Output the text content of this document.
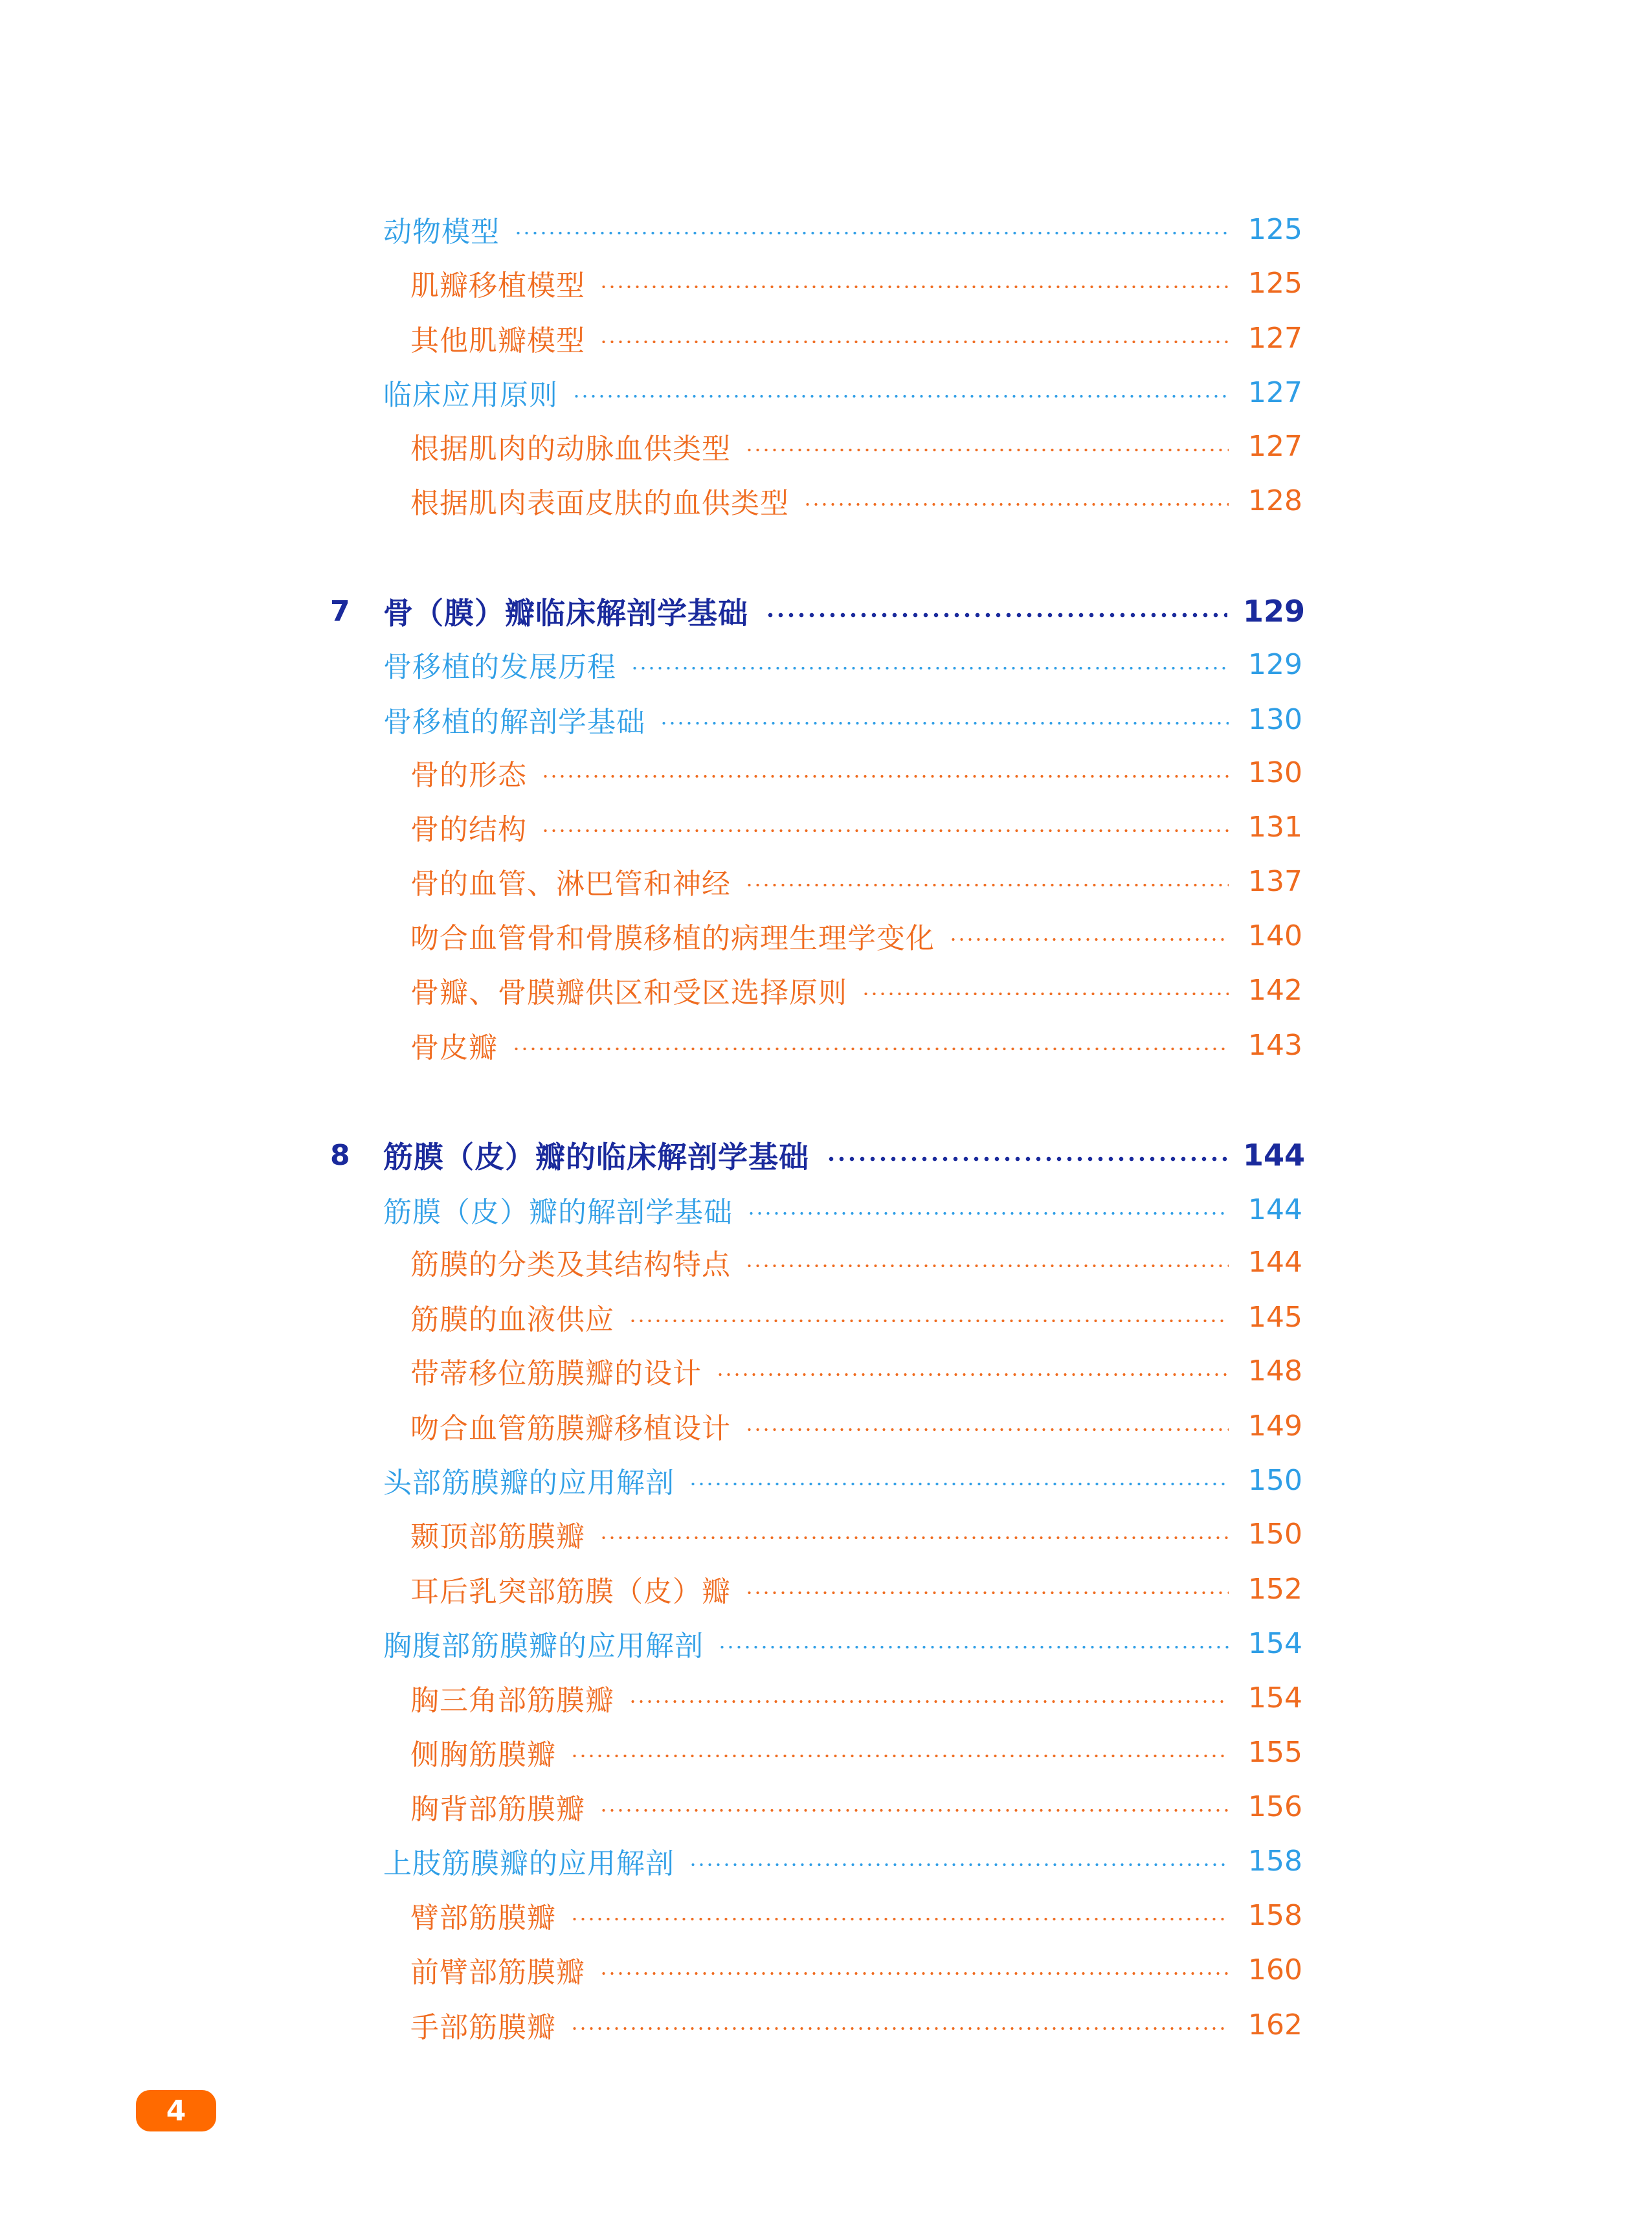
动物模型	125
肌瓣移植模型	125
其他肌瓣模型	127
临床应用原则	127
根据肌肉的动脉血供类型	127
根据肌肉表面皮肤的血供类型	128
7	骨（膜）瓣临床解剖学基础	129
骨移植的发展历程	129
骨移植的解剖学基础	130
骨的形态	130
骨的结构	131
骨的血管、淋巴管和神经	137
吻合血管骨和骨膜移植的病理生理学变化	140
骨瓣、骨膜瓣供区和受区选择原则	142
骨皮瓣	143
8	筋膜（皮）瓣的临床解剖学基础	144
筋膜（皮）瓣的解剖学基础	144
筋膜的分类及其结构特点	144
筋膜的血液供应	145
带蒂移位筋膜瓣的设计	148
吻合血管筋膜瓣移植设计	149
头部筋膜瓣的应用解剖	150
颞顶部筋膜瓣	150
耳后乳突部筋膜（皮）瓣	152
胸腹部筋膜瓣的应用解剖	154
胸三角部筋膜瓣	154
侧胸筋膜瓣	155
胸背部筋膜瓣	156
上肢筋膜瓣的应用解剖	158
臂部筋膜瓣	158
前臂部筋膜瓣	160
手部筋膜瓣	162
4
